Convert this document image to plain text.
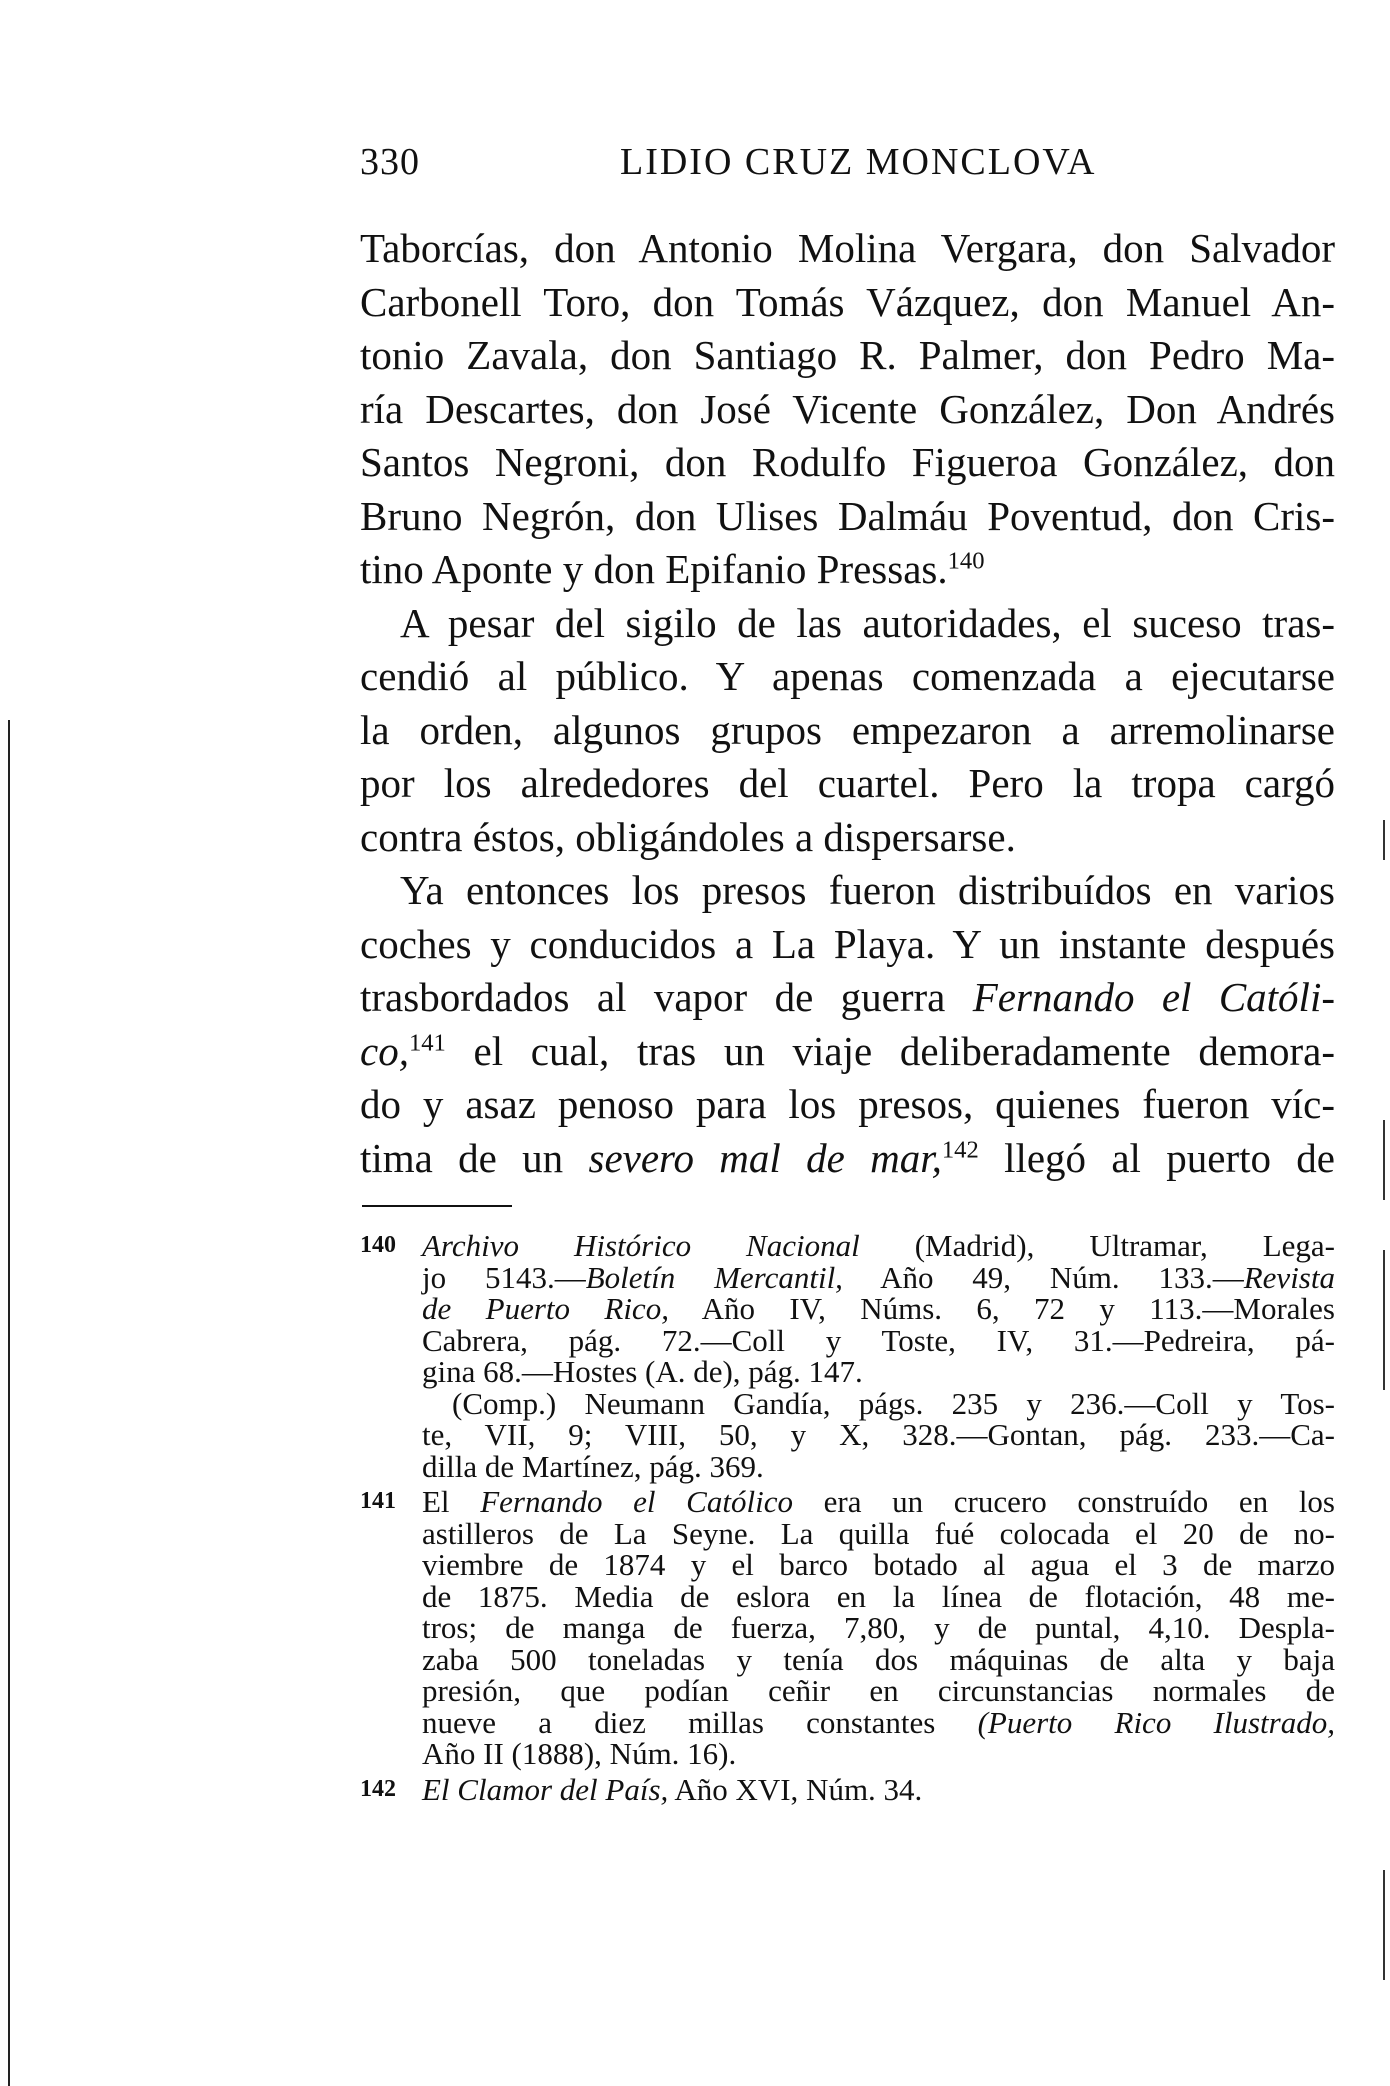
330	LIDIO CRUZ MONCLOVA
Taborcías, don Antonio Molina Vergara, don Salvador
Carbonell Toro, don Tomás Vázquez, don Manuel An-
tonio Zavala, don Santiago R. Palmer, don Pedro Ma-
ría Descartes, don José Vicente González, Don Andrés
Santos Negroni, don Rodulfo Figueroa González, don
Bruno Negrón, don Ulises Dalmáu Poventud, don Cris-
tino Aponte y don Epifanio Pressas.$^{140}$
A pesar del sigilo de las autoridades, el suceso tras-
cendió al público. Y apenas comenzada a ejecutarse
la orden, algunos grupos empezaron a arremolinarse
por los alrededores del cuartel. Pero la tropa cargó
contra éstos, obligándoles a dispersarse.
Ya entonces los presos fueron distribuídos en varios
coches y conducidos a La Playa. Y un instante después
trasbordados al vapor de guerra Fernando el Católi-
co,$^{141}$ el cual, tras un viaje deliberadamente demora-
do y asaz penoso para los presos, quienes fueron víc-
tima de un severo mal de mar,$^{142}$ llegó al puerto de
140 Archivo Histórico Nacional (Madrid), Ultramar, Lega-
jo 5143.—Boletín Mercantil, Año 49, Núm. 133.—Revista
de Puerto Rico, Año IV, Núms. 6, 72 y 113.—Morales
Cabrera, pág. 72.—Coll y Toste, IV, 31.—Pedreira, pá-
gina 68.—Hostes (A. de), pág. 147.
(Comp.) Neumann Gandía, págs. 235 y 236.—Coll y Tos-
te, VII, 9; VIII, 50, y X, 328.—Gontan, pág. 233.—Ca-
dilla de Martínez, pág. 369.
141 El Fernando el Católico era un crucero construído en los
astilleros de La Seyne. La quilla fué colocada el 20 de no-
viembre de 1874 y el barco botado al agua el 3 de marzo
de 1875. Media de eslora en la línea de flotación, 48 me-
tros; de manga de fuerza, 7,80, y de puntal, 4,10. Despla-
zaba 500 toneladas y tenía dos máquinas de alta y baja
presión, que podían ceñir en circunstancias normales de
nueve a diez millas constantes (Puerto Rico Ilustrado,
Año II (1888), Núm. 16).
142 El Clamor del País, Año XVI, Núm. 34.
